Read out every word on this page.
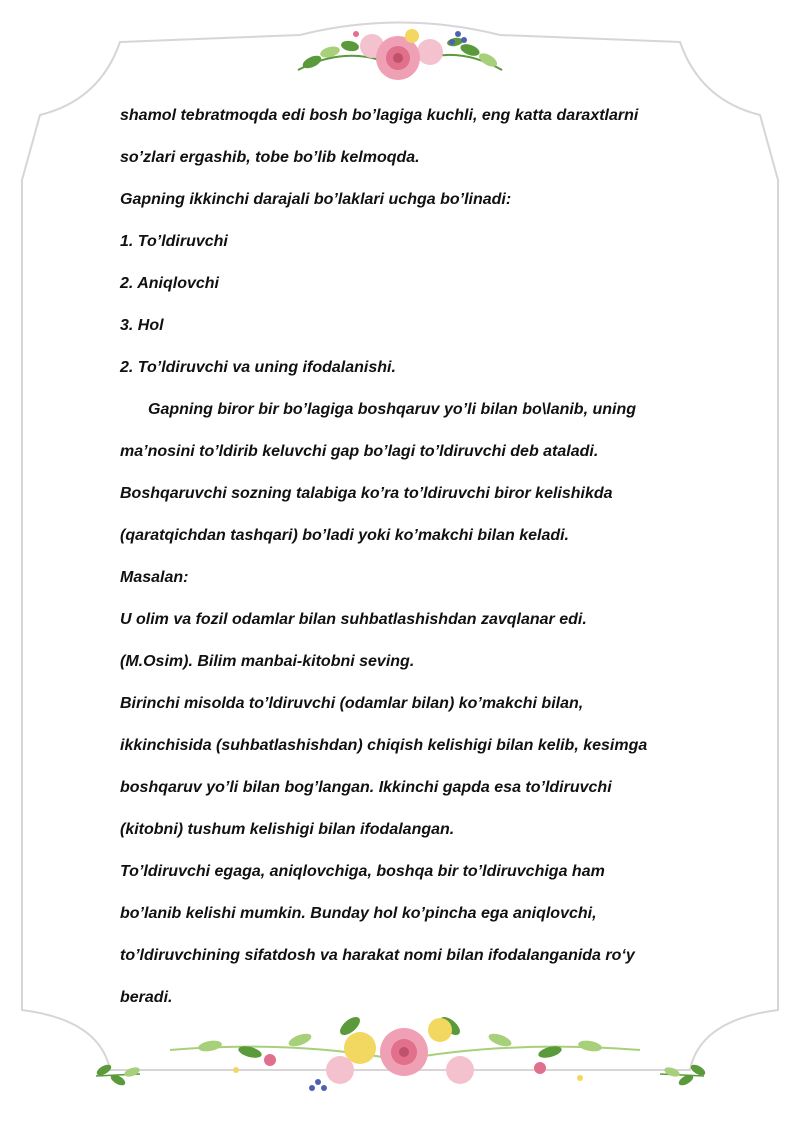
shamol tebratmoqda edi bosh bo’lagiga kuchli, eng katta daraxtlarni
so’zlari ergashib, tobe bo’lib kelmoqda.
Gapning ikkinchi darajali bo’laklari uchga bo’linadi:
1. To’ldiruvchi
2. Aniqlovchi
3. Hol
2. To’ldiruvchi va uning ifodalanishi.
Gapning biror bir bo’lagiga boshqaruv yo’li bilan bo\lanib, uning
ma’nosini to’ldirib keluvchi gap bo’lagi to’ldiruvchi deb ataladi.
Boshqaruvchi sozning talabiga ko’ra to’ldiruvchi biror kelishikda
(qaratqichdan tashqari) bo’ladi yoki ko’makchi bilan keladi.
Masalan:
U olim va fozil odamlar bilan suhbatlashishdan zavqlanar edi.
(M.Osim). Bilim manbai-kitobni seving.
Birinchi misolda to’ldiruvchi (odamlar bilan) ko’makchi bilan,
ikkinchisida (suhbatlashishdan) chiqish kelishigi bilan kelib, kesimga
boshqaruv yo’li bilan bog’langan. Ikkinchi gapda esa to’ldiruvchi
(kitobni) tushum kelishigi bilan ifodalangan.
To’ldiruvchi egaga, aniqlovchiga, boshqa bir to’ldiruvchiga ham
bo’lanib kelishi mumkin. Bunday hol ko’pincha ega aniqlovchi,
to’ldiruvchining sifatdosh va harakat nomi bilan ifodalanganida ro‘y
beradi.
